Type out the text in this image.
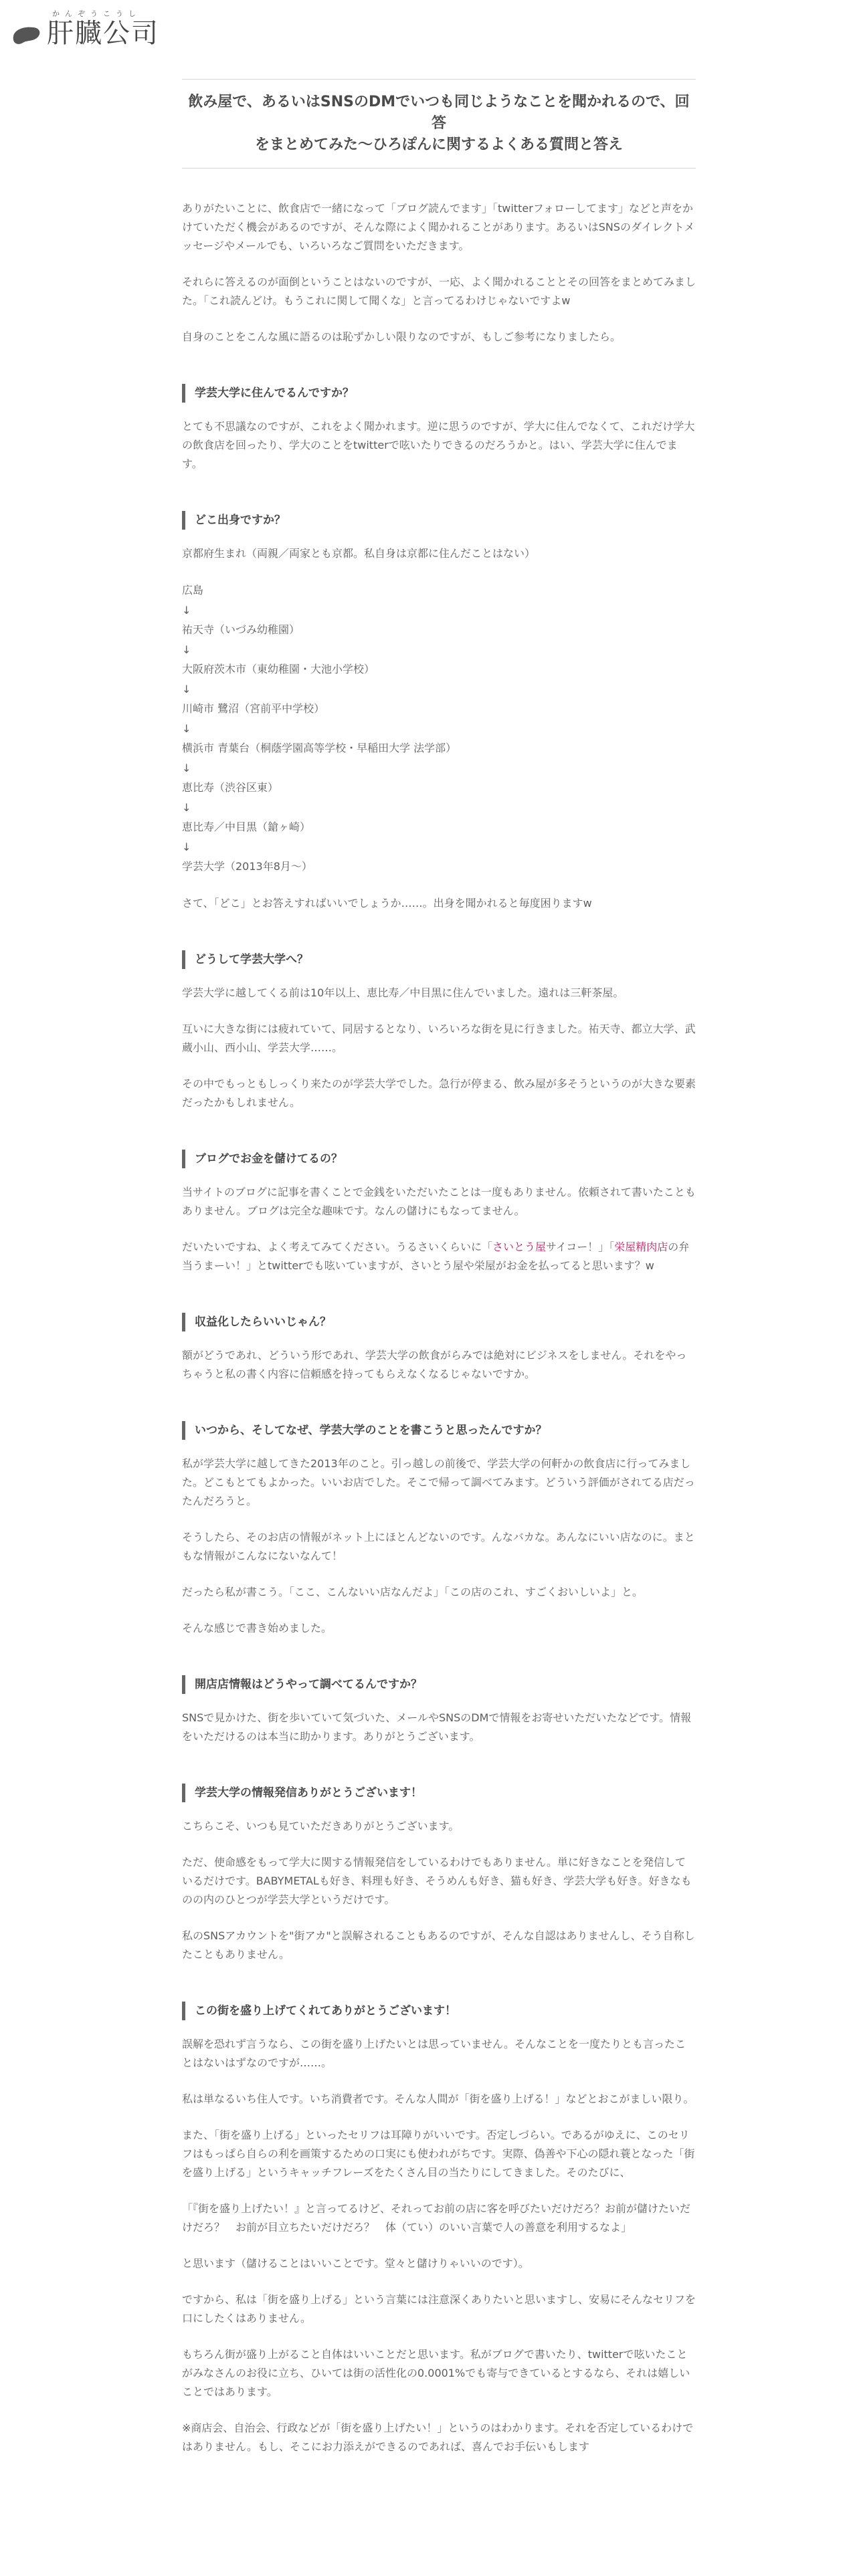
かんぞうこうし
肝臓公司
飲み屋で、あるいはSNSのDMでいつも同じようなことを聞かれるので、回答
をまとめてみた〜ひろぽんに関するよくある質問と答え

ありがたいことに、飲食店で一緒になって「ブログ読んでます」「twitterフォローしてます」などと声をかけていただく機会があるのですが、そんな際によく聞かれることがあります。あるいはSNSのダイレクトメッセージやメールでも、いろいろなご質問をいただきます。

それらに答えるのが面倒ということはないのですが、一応、よく聞かれることとその回答をまとめてみました。「これ読んどけ。もうこれに関して聞くな」と言ってるわけじゃないですよw

自身のことをこんな風に語るのは恥ずかしい限りなのですが、もしご参考になりましたら。

学芸大学に住んでるんですか？

とても不思議なのですが、これをよく聞かれます。逆に思うのですが、学大に住んでなくて、これだけ学大の飲食店を回ったり、学大のことをtwitterで呟いたりできるのだろうかと。はい、学芸大学に住んでます。

どこ出身ですか？

京都府生まれ（両親／両家とも京都。私自身は京都に住んだことはない）

広島
↓
祐天寺（いづみ幼稚園）
↓
大阪府茨木市（東幼稚園・大池小学校）
↓
川崎市 鷺沼（宮前平中学校）
↓
横浜市 青葉台（桐蔭学園高等学校・早稲田大学 法学部）
↓
恵比寿（渋谷区東）
↓
恵比寿／中目黒（鎗ヶ崎）
↓
学芸大学（2013年8月〜）

さて、「どこ」とお答えすればいいでしょうか……。出身を聞かれると毎度困りますw

どうして学芸大学へ？

学芸大学に越してくる前は10年以上、恵比寿／中目黒に住んでいました。遠れは三軒茶屋。

互いに大きな街には疲れていて、同居するとなり、いろいろな街を見に行きました。祐天寺、都立大学、武蔵小山、西小山、学芸大学……。

その中でもっともしっくり来たのが学芸大学でした。急行が停まる、飲み屋が多そうというのが大きな要素だったかもしれません。

ブログでお金を儲けてるの？

当サイトのブログに記事を書くことで金銭をいただいたことは一度もありません。依頼されて書いたこともありません。ブログは完全な趣味です。なんの儲けにもなってません。

だいたいですね、よく考えてみてください。うるさいくらいに「さいとう屋サイコー！」「栄屋精肉店の弁当うまーい！」とtwitterでも呟いていますが、さいとう屋や栄屋がお金を払ってると思います？w

収益化したらいいじゃん？

額がどうであれ、どういう形であれ、学芸大学の飲食がらみでは絶対にビジネスをしません。それをやっちゃうと私の書く内容に信頼感を持ってもらえなくなるじゃないですか。

いつから、そしてなぜ、学芸大学のことを書こうと思ったんですか？

私が学芸大学に越してきた2013年のこと。引っ越しの前後で、学芸大学の何軒かの飲食店に行ってみました。どこもとてもよかった。いいお店でした。そこで帰って調べてみます。どういう評価がされてる店だったんだろうと。

そうしたら、そのお店の情報がネット上にほとんどないのです。んなバカな。あんなにいい店なのに。まともな情報がこんなにないなんて！

だったら私が書こう。「ここ、こんないい店なんだよ」「この店のこれ、すごくおいしいよ」と。

そんな感じで書き始めました。

開店店情報はどうやって調べてるんですか？

SNSで見かけた、街を歩いていて気づいた、メールやSNSのDMで情報をお寄せいただいたなどです。情報をいただけるのは本当に助かります。ありがとうございます。

学芸大学の情報発信ありがとうございます！

こちらこそ、いつも見ていただきありがとうございます。

ただ、使命感をもって学大に関する情報発信をしているわけでもありません。単に好きなことを発信しているだけです。BABYMETALも好き、料理も好き、そうめんも好き、猫も好き、学芸大学も好き。好きなものの内のひとつが学芸大学というだけです。

私のSNSアカウントを"街アカ"と誤解されることもあるのですが、そんな自認はありませんし、そう自称したこともありません。

この街を盛り上げてくれてありがとうございます！

誤解を恐れず言うなら、この街を盛り上げたいとは思っていません。そんなことを一度たりとも言ったことはないはずなのですが……。

私は単なるいち住人です。いち消費者です。そんな人間が「街を盛り上げる！」などとおこがましい限り。

また、「街を盛り上げる」といったセリフは耳障りがいいです。否定しづらい。であるがゆえに、このセリフはもっぱら自らの利を画策するための口実にも使われがちです。実際、偽善や下心の隠れ蓑となった「街を盛り上げる」というキャッチフレーズをたくさん目の当たりにしてきました。そのたびに、

「『街を盛り上げたい！』と言ってるけど、それってお前の店に客を呼びたいだけだろ？お前が儲けたいだけだろ？　お前が目立ちたいだけだろ？　体（てい）のいい言葉で人の善意を利用するなよ」

と思います（儲けることはいいことです。堂々と儲けりゃいいのです）。

ですから、私は「街を盛り上げる」という言葉には注意深くありたいと思いますし、安易にそんなセリフを口にしたくはありません。

もちろん街が盛り上がること自体はいいことだと思います。私がブログで書いたり、twitterで呟いたことがみなさんのお役に立ち、ひいては街の活性化の0.0001%でも寄与できているとするなら、それは嬉しいことではあります。

※商店会、自治会、行政などが「街を盛り上げたい！」というのはわかります。それを否定しているわけではありません。もし、そこにお力添えができるのであれば、喜んでお手伝いもします
